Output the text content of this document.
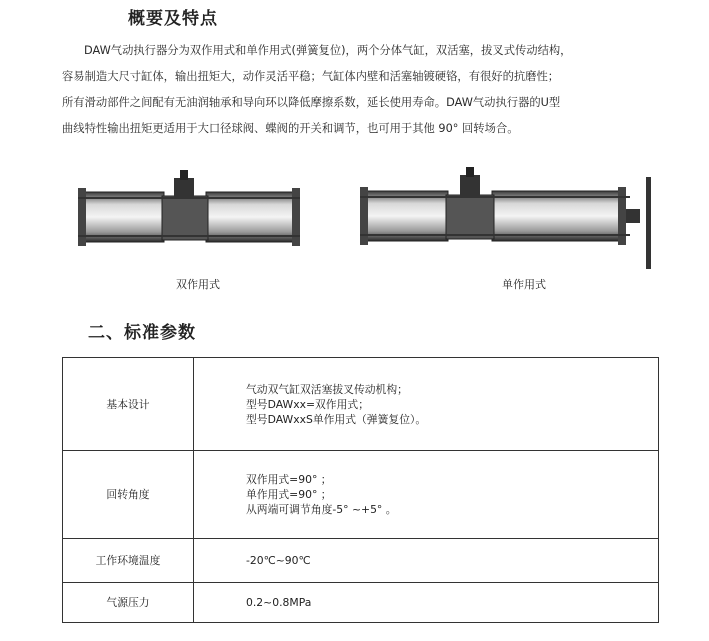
概要及特点

DAW气动执行器分为双作用式和单作用式(弹簧复位)，两个分体气缸，双活塞，拔叉式传动结构，

容易制造大尺寸缸体，输出扭矩大，动作灵活平稳；气缸体内壁和活塞轴镀硬铬，有很好的抗磨性；

所有滑动部件之间配有无油润轴承和导向环以降低摩擦系数，延长使用寿命。DAW气动执行器的U型

曲线特性输出扭矩更适用于大口径球阀、蝶阀的开关和调节，也可用于其他 90° 回转场合。

双作用式	单作用式
二、标准参数
基本设计	气动双气缸双活塞拔叉传动机构；
型号DAWxx=双作用式；
型号DAWxxS单作用式（弹簧复位）。

回转角度	双作用式=90° ；
单作用式=90° ；
从两端可调节角度-5° ~+5° 。

工作环境温度	-20℃~90℃

气源压力	0.2~0.8MPa
